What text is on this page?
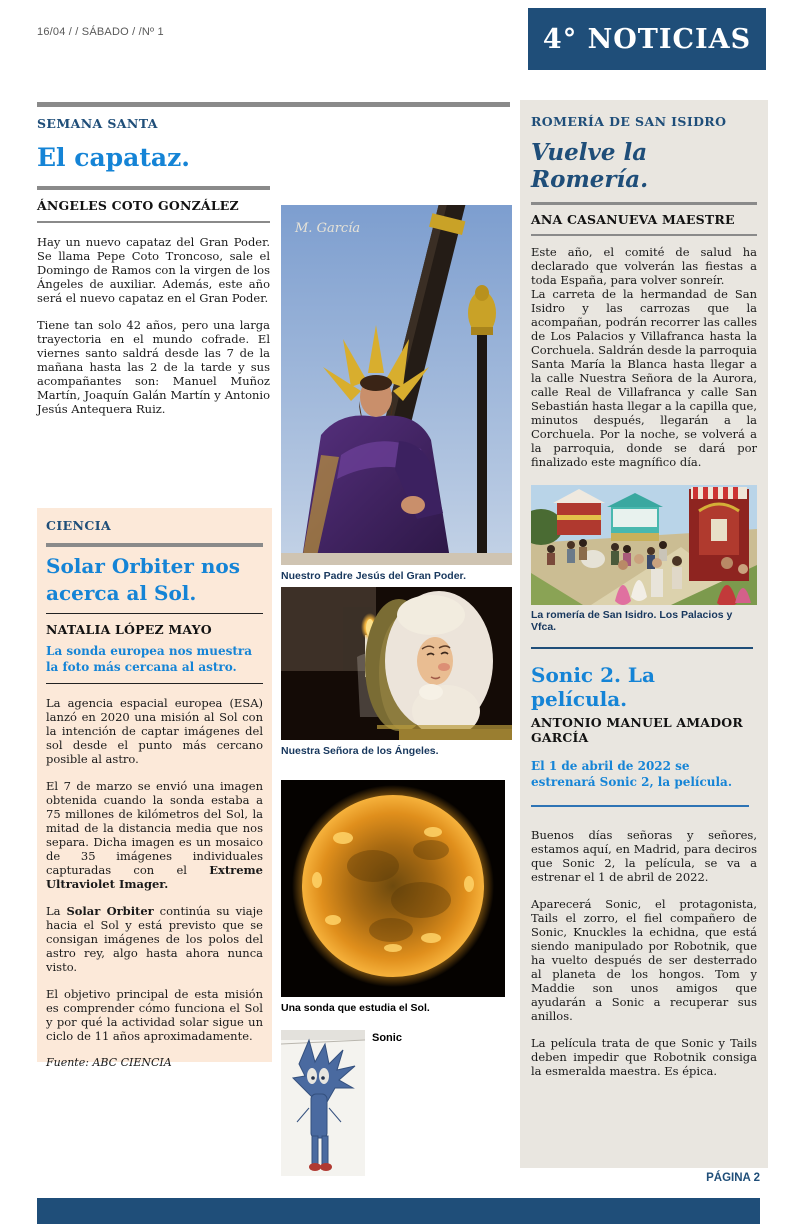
16/04 / / SÁBADO / /Nº 1	4° NOTICIAS
SEMANA SANTA
El capataz.
ÁNGELES COTO GONZÁLEZ

Hay un nuevo capataz del Gran Poder. Se llama Pepe Coto Troncoso, sale el Domingo de Ramos con la virgen de los Ángeles de auxiliar. Además, este año será el nuevo capataz en el Gran Poder.

Tiene tan solo 42 años, pero una larga trayectoria en el mundo cofrade. El viernes santo saldrá desde las 7 de la mañana hasta las 2 de la tarde y sus acompañantes son: Manuel Muñoz Martín, Joaquín Galán Martín y Antonio Jesús Antequera Ruiz.

CIENCIA
Solar Orbiter nos acerca al Sol.
NATALIA LÓPEZ MAYO
La sonda europea nos muestra la foto más cercana al astro.

La agencia espacial europea (ESA) lanzó en 2020 una misión al Sol con la intención de captar imágenes del sol desde el punto más cercano posible al astro.

El 7 de marzo se envió una imagen obtenida cuando la sonda estaba a 75 millones de kilómetros del Sol, la mitad de la distancia media que nos separa. Dicha imagen es un mosaico de 35 imágenes individuales capturadas con el Extreme Ultraviolet Imager.

La Solar Orbiter continúa su viaje hacia el Sol y está previsto que se consigan imágenes de los polos del astro rey, algo hasta ahora nunca visto.

El objetivo principal de esta misión es comprender cómo funciona el Sol y por qué la actividad solar sigue un ciclo de 11 años aproximadamente.

Fuente: ABC CIENCIA
M. García
Nuestro Padre Jesús del Gran Poder.
Nuestra Señora de los Ángeles.
Una sonda que estudia el Sol.
Sonic
ROMERÍA DE SAN ISIDRO
Vuelve la Romería.
ANA CASANUEVA MAESTRE

Este año, el comité de salud ha declarado que volverán las fiestas a toda España, para volver sonreír.

La carreta de la hermandad de San Isidro y las carrozas que la acompañan, podrán recorrer las calles de Los Palacios y Villafranca hasta la Corchuela. Saldrán desde la parroquia Santa María la Blanca hasta llegar a la calle Nuestra Señora de la Aurora, calle Real de Villafranca y calle San Sebastián hasta llegar a la capilla que, minutos después, llegarán a la Corchuela. Por la noche, se volverá a la parroquia, donde se dará por finalizado este magnífico día.

La romería de San Isidro. Los Palacios y Vfca.
Sonic 2. La película.
ANTONIO MANUEL AMADOR GARCÍA
El 1 de abril de 2022 se estrenará Sonic 2, la película.

Buenos días señoras y señores, estamos aquí, en Madrid, para deciros que Sonic 2, la película, se va a estrenar el 1 de abril de 2022.

Aparecerá Sonic, el protagonista, Tails el zorro, el fiel compañero de Sonic, Knuckles la echidna, que está siendo manipulado por Robotnik, que ha vuelto después de ser desterrado al planeta de los hongos. Tom y Maddie son unos amigos que ayudarán a Sonic a recuperar sus anillos.

La película trata de que Sonic y Tails deben impedir que Robotnik consiga la esmeralda maestra. Es épica.

PÁGINA 2
